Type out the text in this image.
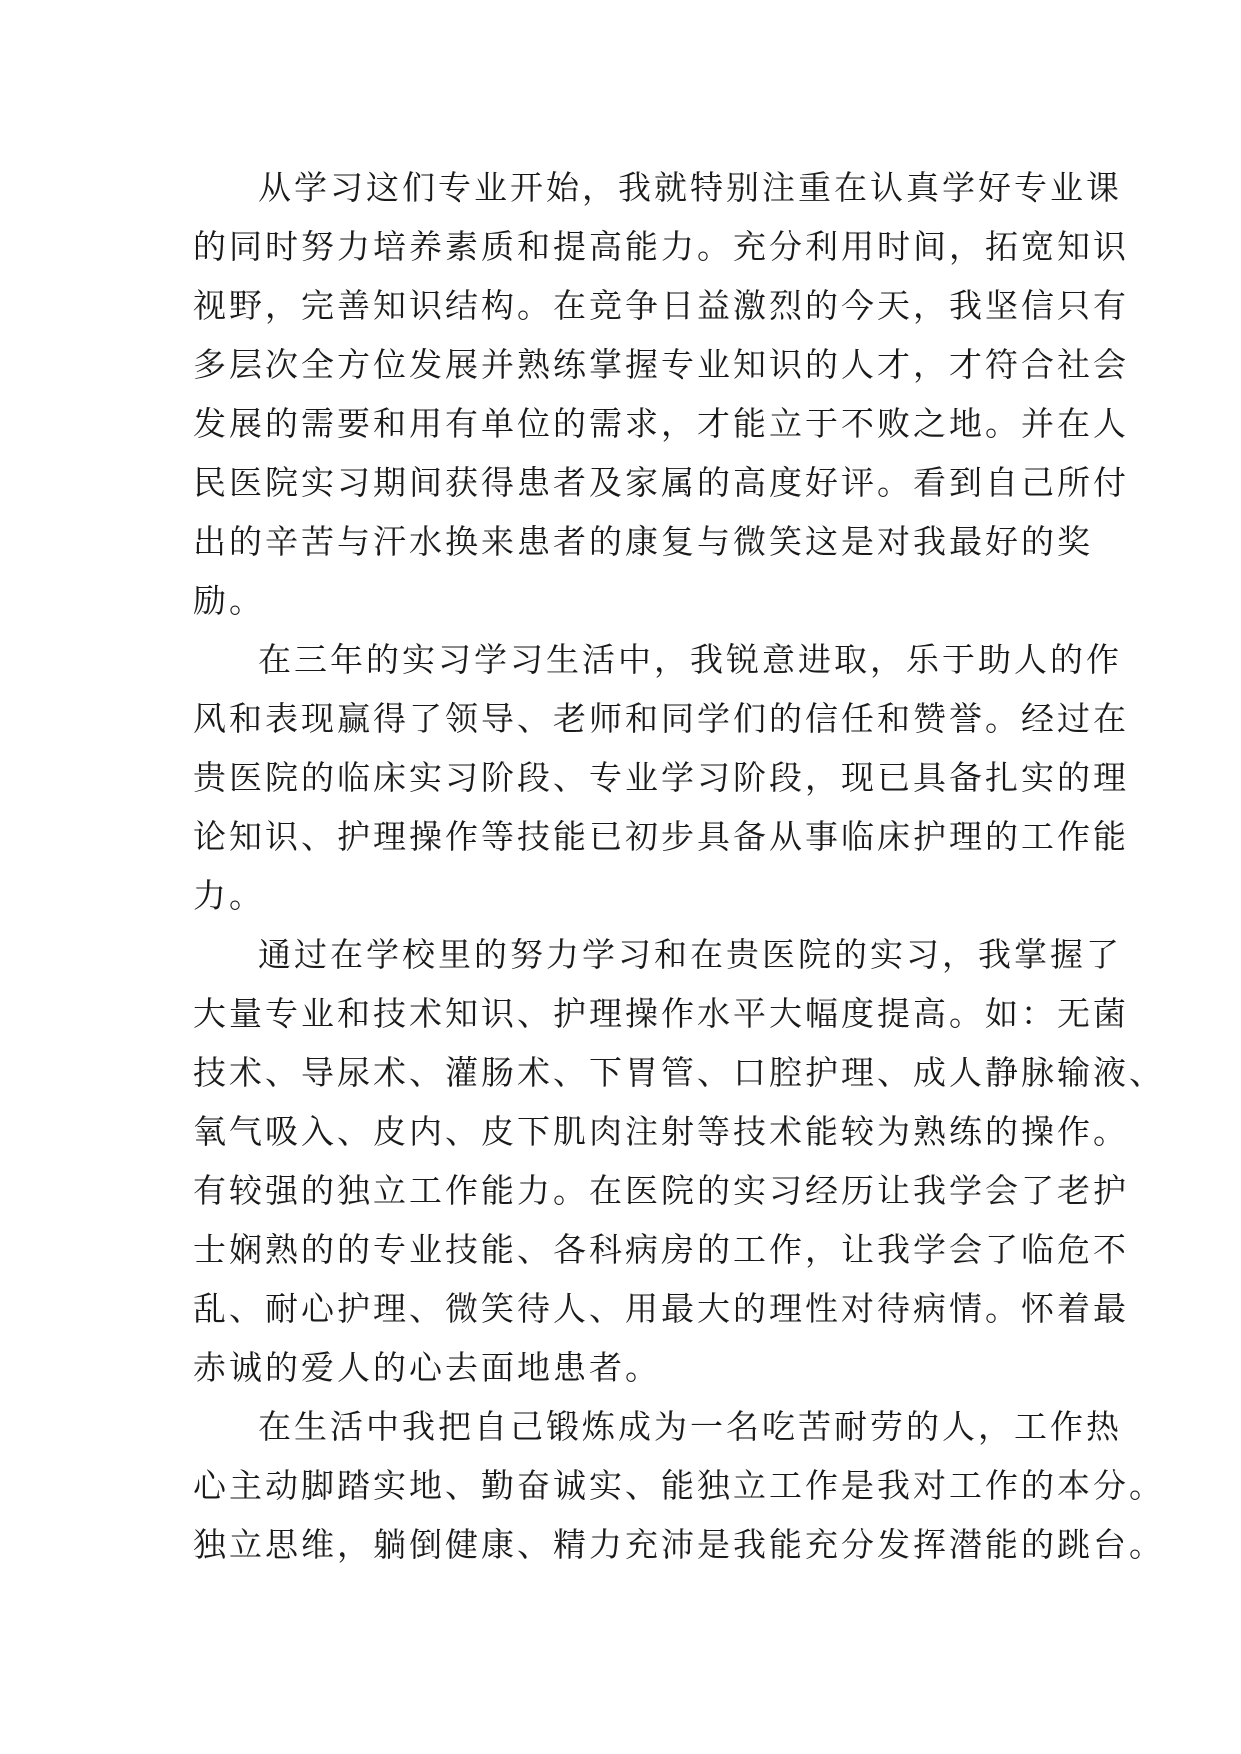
从学习这们专业开始，我就特别注重在认真学好专业课
的同时努力培养素质和提高能力。充分利用时间，拓宽知识
视野，完善知识结构。在竞争日益激烈的今天，我坚信只有
多层次全方位发展并熟练掌握专业知识的人才，才符合社会
发展的需要和用有单位的需求，才能立于不败之地。并在人
民医院实习期间获得患者及家属的高度好评。看到自己所付
出的辛苦与汗水换来患者的康复与微笑这是对我最好的奖
励。
在三年的实习学习生活中，我锐意进取，乐于助人的作
风和表现赢得了领导、老师和同学们的信任和赞誉。经过在
贵医院的临床实习阶段、专业学习阶段，现已具备扎实的理
论知识、护理操作等技能已初步具备从事临床护理的工作能
力。
通过在学校里的努力学习和在贵医院的实习，我掌握了
大量专业和技术知识、护理操作水平大幅度提高。如：无菌
技术、导尿术、灌肠术、下胃管、口腔护理、成人静脉输液、
氧气吸入、皮内、皮下肌肉注射等技术能较为熟练的操作。
有较强的独立工作能力。在医院的实习经历让我学会了老护
士娴熟的的专业技能、各科病房的工作，让我学会了临危不
乱、耐心护理、微笑待人、用最大的理性对待病情。怀着最
赤诚的爱人的心去面地患者。
在生活中我把自己锻炼成为一名吃苦耐劳的人，工作热
心主动脚踏实地、勤奋诚实、能独立工作是我对工作的本分。
独立思维，躺倒健康、精力充沛是我能充分发挥潜能的跳台。
